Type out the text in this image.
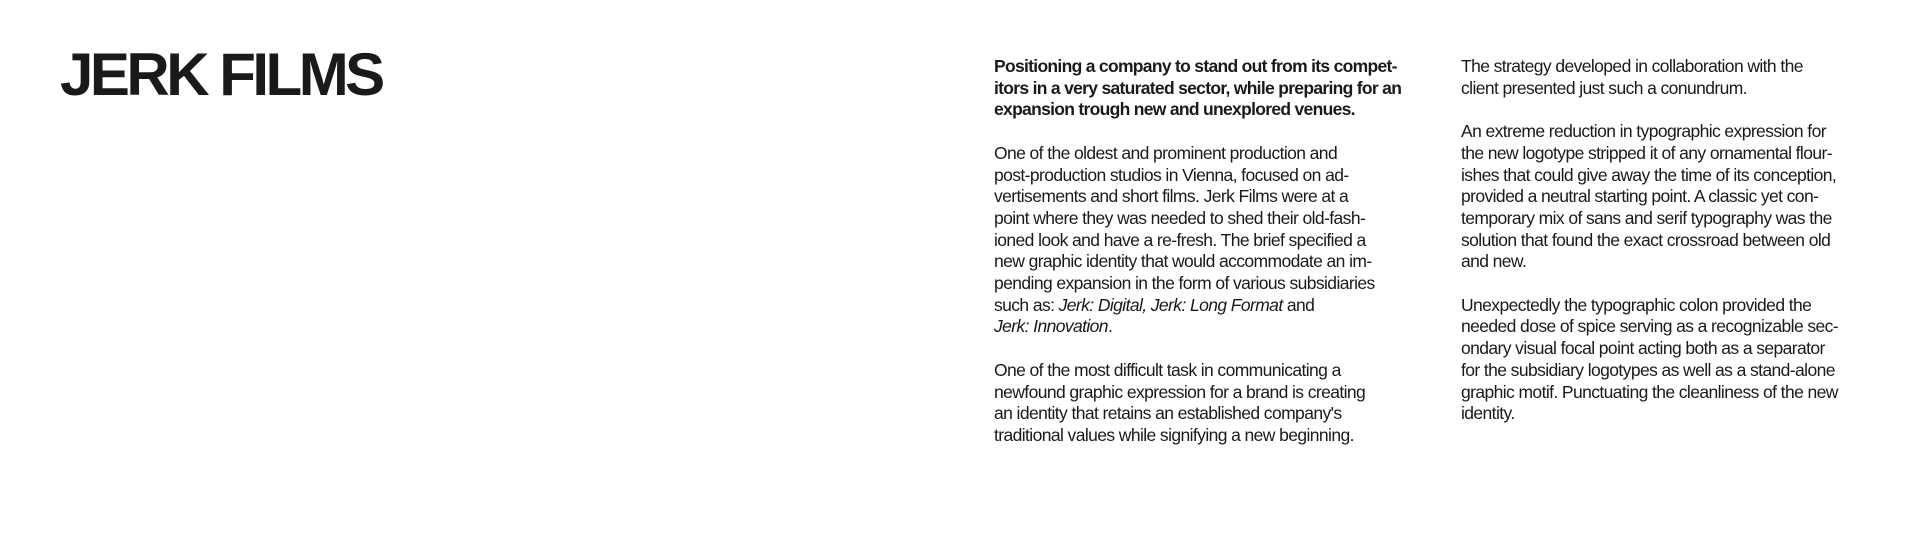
JERK FILMS	Positioning a company to stand out from its compet-
itors in a very saturated sector, while preparing for an
expansion trough new and unexplored venues.

One of the oldest and prominent production and
post-production studios in Vienna, focused on ad-
vertisements and short films. Jerk Films were at a
point where they was needed to shed their old-fash-
ioned look and have a re-fresh. The brief specified a
new graphic identity that would accommodate an im-
pending expansion in the form of various subsidiaries
such as: Jerk: Digital, Jerk: Long Format and
Jerk: Innovation.

One of the most difficult task in communicating a
newfound graphic expression for a brand is creating
an identity that retains an established company's
traditional values while signifying a new beginning.

The strategy developed in collaboration with the
client presented just such a conundrum.

An extreme reduction in typographic expression for
the new logotype stripped it of any ornamental flour-
ishes that could give away the time of its conception,
provided a neutral starting point. A classic yet con-
temporary mix of sans and serif typography was the
solution that found the exact crossroad between old
and new.

Unexpectedly the typographic colon provided the
needed dose of spice serving as a recognizable sec-
ondary visual focal point acting both as a separator
for the subsidiary logotypes as well as a stand-alone
graphic motif. Punctuating the cleanliness of the new
identity.
